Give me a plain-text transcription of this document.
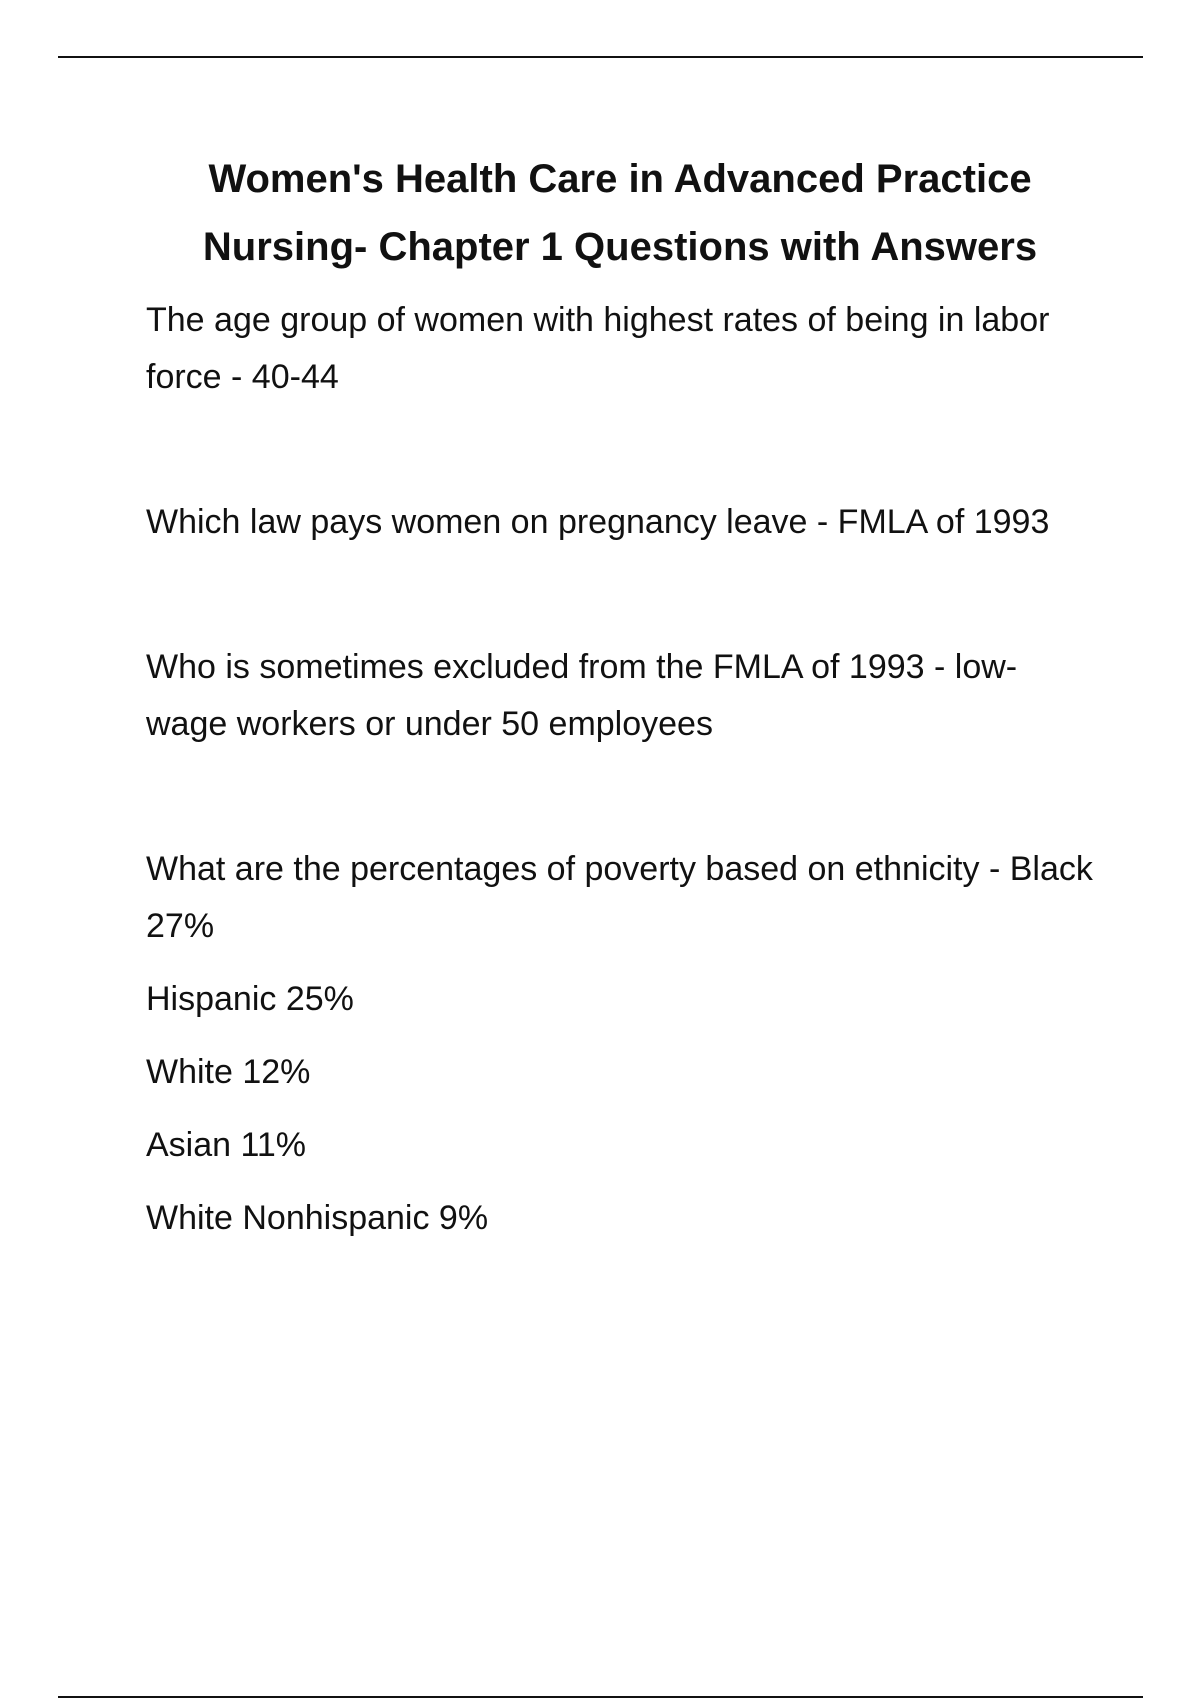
Women's Health Care in Advanced Practice
Nursing- Chapter 1 Questions with Answers

The age group of women with highest rates of being in labor force - 40-44

Which law pays women on pregnancy leave - FMLA of 1993

Who is sometimes excluded from the FMLA of 1993 - low-wage workers or under 50 employees

What are the percentages of poverty based on ethnicity - Black 27%

Hispanic 25%

White 12%

Asian 11%

White Nonhispanic 9%
